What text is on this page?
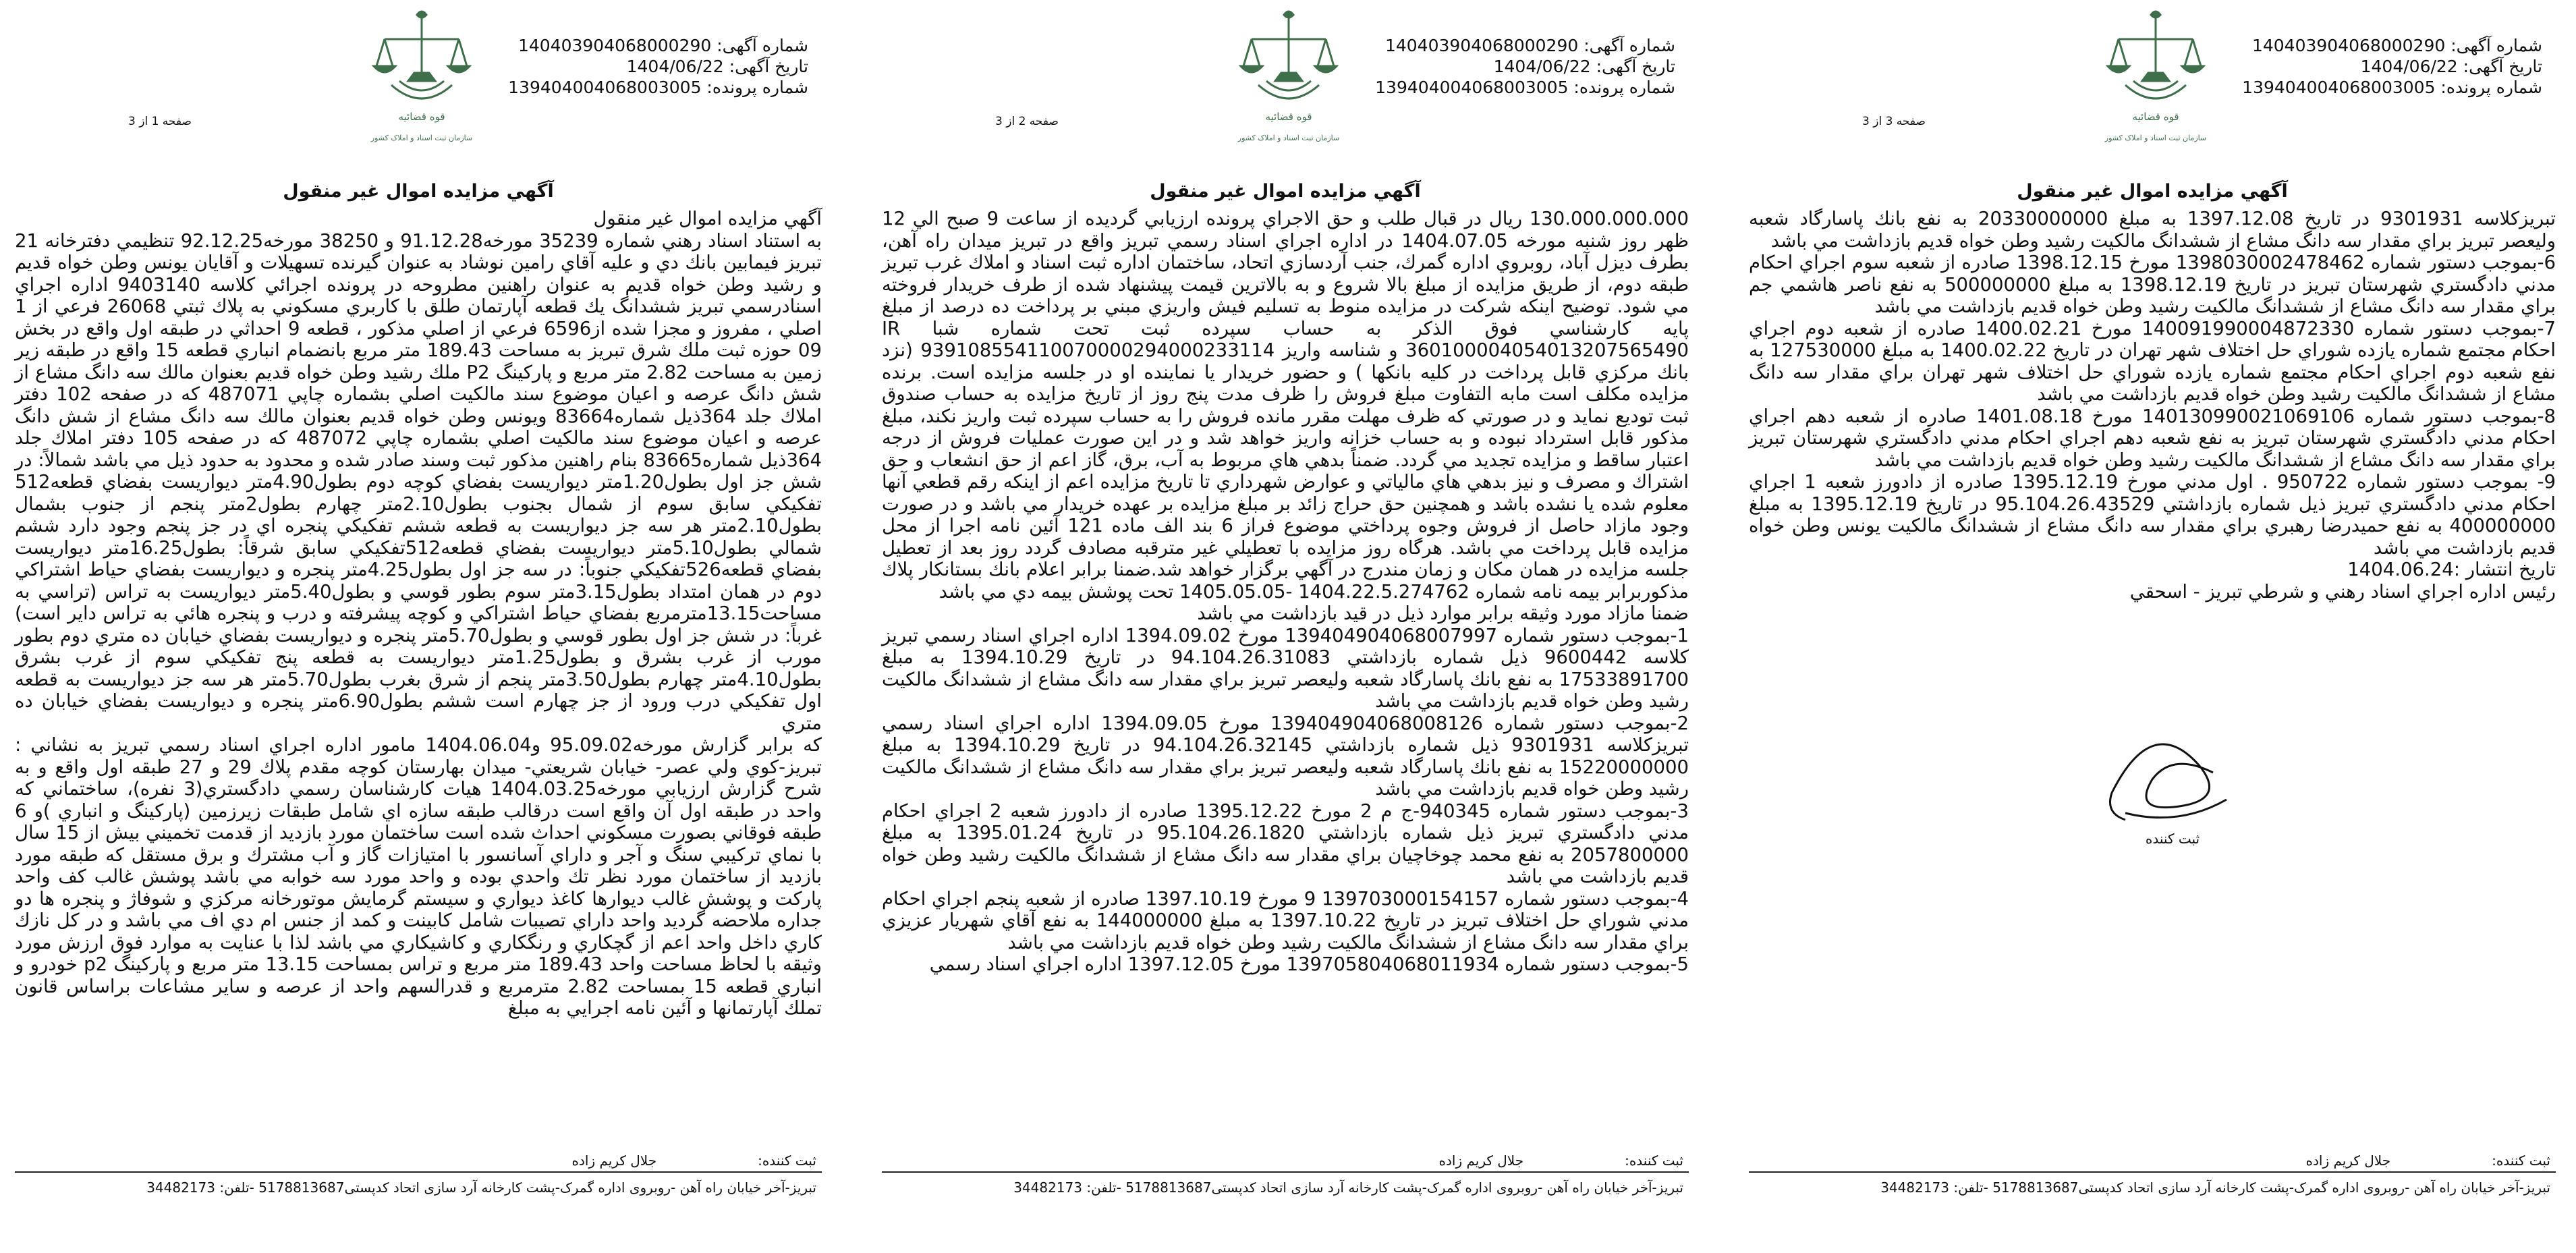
قوه قضائیه
سازمان ثبت اسناد و املاک کشور
شماره آگهی: 140403904068000290
تاریخ آگهی: 1404/06/22
شماره پرونده: 139404004068003005
صفحه 1 از 3
آگهي مزايده اموال غير منقول

آگهي مزايده اموال غير منقول

به استناد اسناد رهني شماره 35239 مورخه91.12.28 و 38250 مورخه92.12.25 تنظيمي دفترخانه 21 تبريز فيمابين بانك دي و عليه آقاي رامين نوشاد به عنوان گيرنده تسهيلات و آقايان يونس وطن خواه قديم و رشيد وطن خواه قديم به عنوان راهنين مطروحه در پرونده اجرائي كلاسه 9403140 اداره اجراي اسنادرسمي تبريز ششدانگ يك قطعه آپارتمان طلق با كاربري مسكوني به پلاك ثبتي 26068 فرعي از 1 اصلي ، مفروز و مجزا شده از6596 فرعي از اصلي مذكور ، قطعه 9 احداثي در طبقه اول واقع در بخش 09 حوزه ثبت ملك شرق تبريز به مساحت 189.43 متر مربع بانضمام انباري قطعه 15 واقع در طبقه زير زمين به مساحت 2.82 متر مربع و پاركينگ P2 ملك رشيد وطن خواه قديم بعنوان مالك سه دانگ مشاع از شش دانگ عرصه و اعيان موضوع سند مالكيت اصلي بشماره چاپي 487071 كه در صفحه 102 دفتر املاك جلد 364ذيل شماره83664 ويونس وطن خواه قديم بعنوان مالك سه دانگ مشاع از شش دانگ عرصه و اعيان موضوع سند مالكيت اصلي بشماره چاپي 487072 كه در صفحه 105 دفتر املاك جلد 364ذيل شماره83665 بنام راهنين مذكور ثبت وسند صادر شده و محدود به حدود ذيل مي باشد شمالاً: در شش جز اول بطول1.20متر ديواريست بفضاي كوچه دوم بطول4.90متر ديواريست بفضاي قطعه512 تفكيكي سابق سوم از شمال بجنوب بطول2.10متر چهارم بطول2متر پنجم از جنوب بشمال بطول2.10متر هر سه جز ديواريست به قطعه ششم تفكيكي پنجره اي در جز پنجم وجود دارد ششم شمالي بطول5.10متر ديواريست بفضاي قطعه512تفكيكي سابق شرقاً: بطول16.25متر ديواريست بفضاي قطعه526تفكيكي جنوباً: در سه جز اول بطول4.25متر پنجره و ديواريست بفضاي حياط اشتراكي دوم در همان امتداد بطول3.15متر سوم بطور قوسي و بطول5.40متر ديواريست به تراس (تراسي به مساحت13.15مترمربع بفضاي حياط اشتراكي و كوچه پيشرفته و درب و پنجره هائي به تراس داير است) غرباً: در شش جز اول بطور قوسي و بطول5.70متر پنجره و ديواريست بفضاي خيابان ده متري دوم بطور مورب از غرب بشرق و بطول1.25متر ديواريست به قطعه پنج تفكيكي سوم از غرب بشرق بطول4.10متر چهارم بطول3.50متر پنجم از شرق بغرب بطول5.70متر هر سه جز ديواريست به قطعه اول تفكيكي درب ورود از جز چهارم است ششم بطول6.90متر پنجره و ديواريست بفضاي خيابان ده متري

كه برابر گزارش مورخه95.09.02 و1404.06.04 مامور اداره اجراي اسناد رسمي تبريز به نشاني : تبريز-كوي ولي عصر- خيابان شريعتي- ميدان بهارستان كوچه مقدم پلاك 29 و 27 طبقه اول واقع و به شرح گزارش ارزيابي مورخه1404.03.25 هيات كارشناسان رسمي دادگستري(3 نفره)، ساختماني كه واحد در طبقه اول آن واقع است درقالب طبقه سازه اي شامل طبقات زيرزمين (پاركينگ و انباري )و 6 طبقه فوقاني بصورت مسكوني احداث شده است ساختمان مورد بازديد از قدمت تخميني بيش از 15 سال با نماي تركيبي سنگ و آجر و داراي آسانسور با امتيازات گاز و آب مشترك و برق مستقل كه طبقه مورد بازديد از ساختمان مورد نظر تك واحدي بوده و واحد مورد سه خوابه مي باشد پوشش غالب كف واحد پاركت و پوشش غالب ديوارها كاغذ ديواري و سيستم گرمايش موتورخانه مركزي و شوفاژ و پنجره ها دو جداره ملاحضه گرديد واحد داراي تصيبات شامل كابينت و كمد از جنس ام دي اف مي باشد و در كل نازك كاري داخل واحد اعم از گچكاري و رنگكاري و كاشيكاري مي باشد لذا با عنايت به موارد فوق ارزش مورد وثيقه با لحاظ مساحت واحد 189.43 متر مربع و تراس بمساحت 13.15 متر مربع و پاركينگ p2 خودرو و انباري قطعه 15 بمساحت 2.82 مترمربع و قدرالسهم واحد از عرصه و ساير مشاعات براساس قانون تملك آپارتمانها و آئين نامه اجرايي به مبلغ

ثبت کننده:جلال کریم زاده
تبریز-آخر خیابان راه آهن -روبروی اداره گمرک-پشت کارخانه آرد سازی اتحاد کدپستی5178813687 -تلفن: 34482173
قوه قضائیه
سازمان ثبت اسناد و املاک کشور
شماره آگهی: 140403904068000290
تاریخ آگهی: 1404/06/22
شماره پرونده: 139404004068003005
صفحه 2 از 3
آگهي مزايده اموال غير منقول

130.000.000.000 ريال در قبال طلب و حق الاجراي پرونده ارزيابي گرديده از ساعت 9 صبح الي 12 ظهر روز شنبه مورخه 1404.07.05 در اداره اجراي اسناد رسمي تبريز واقع در تبريز ميدان راه آهن، بطرف ديزل آباد، روبروي اداره گمرك، جنب آردسازي اتحاد، ساختمان اداره ثبت اسناد و املاك غرب تبريز طبقه دوم، از طريق مزايده از مبلغ بالا شروع و به بالاترين قيمت پيشنهاد شده از طرف خريدار فروخته مي شود. توضيح اينكه شركت در مزايده منوط به تسليم فيش واريزي مبني بر پرداخت ده درصد از مبلغ پايه كارشناسي فوق الذكر به حساب سپرده ثبت تحت شماره شبا IR 360100004054013207565490 و شناسه واريز 939108554110070000294000233114 (نزد بانك مركزي قابل پرداخت در كليه بانكها ) و حضور خريدار يا نماينده او در جلسه مزايده است. برنده مزايده مكلف است مابه التفاوت مبلغ فروش را ظرف مدت پنج روز از تاريخ مزايده به حساب صندوق ثبت توديع نمايد و در صورتي كه ظرف مهلت مقرر مانده فروش را به حساب سپرده ثبت واريز نكند، مبلغ مذكور قابل استرداد نبوده و به حساب خزانه واريز خواهد شد و در اين صورت عمليات فروش از درجه اعتبار ساقط و مزايده تجديد مي گردد. ضمناً بدهي هاي مربوط به آب، برق، گاز اعم از حق انشعاب و حق اشتراك و مصرف و نيز بدهي هاي مالياتي و عوارض شهرداري تا تاريخ مزايده اعم از اينكه رقم قطعي آنها معلوم شده يا نشده باشد و همچنين حق حراج زائد بر مبلغ مزايده بر عهده خريدار مي باشد و در صورت وجود مازاد حاصل از فروش وجوه پرداختي موضوع فراز 6 بند الف ماده 121 آئين نامه اجرا از محل مزايده قابل پرداخت مي باشد. هرگاه روز مزايده با تعطيلي غير مترقبه مصادف گردد روز بعد از تعطيل جلسه مزايده در همان مكان و زمان مندرج در آگهي برگزار خواهد شد.ضمنا برابر اعلام بانك بستانكار پلاك مذكوربرابر بيمه نامه شماره 1404.22.5.274762 -1405.05.05 تحت پوشش بيمه دي مي باشد

ضمنا مازاد مورد وثيقه برابر موارد ذيل در قيد بازداشت مي باشد

1-بموجب دستور شماره 139404904068007997 مورخ 1394.09.02 اداره اجراي اسناد رسمي تبريز كلاسه 9600442 ذيل شماره بازداشتي 94.104.26.31083 در تاريخ 1394.10.29 به مبلغ 17533891700 به نفع بانك پاسارگاد شعبه وليعصر تبريز براي مقدار سه دانگ مشاع از ششدانگ مالكيت رشيد وطن خواه قديم بازداشت مي باشد

2-بموجب دستور شماره 139404904068008126 مورخ 1394.09.05 اداره اجراي اسناد رسمي تبريزكلاسه 9301931 ذيل شماره بازداشتي 94.104.26.32145 در تاريخ 1394.10.29 به مبلغ 15220000000 به نفع بانك پاسارگاد شعبه وليعصر تبريز براي مقدار سه دانگ مشاع از ششدانگ مالكيت رشيد وطن خواه قديم بازداشت مي باشد

3-بموجب دستور شماره 940345-ج م 2 مورخ 1395.12.22 صادره از دادورز شعبه 2 اجراي احكام مدني دادگستري تبريز ذيل شماره بازداشتي 95.104.26.1820 در تاريخ 1395.01.24 به مبلغ 2057800000 به نفع محمد چوخاچيان براي مقدار سه دانگ مشاع از ششدانگ مالكيت رشيد وطن خواه قديم بازداشت مي باشد

4-بموجب دستور شماره 139703000154157 9 مورخ 1397.10.19 صادره از شعبه پنجم اجراي احكام مدني شوراي حل اختلاف تبريز در تاريخ 1397.10.22 به مبلغ 144000000 به نفع آقاي شهريار عزيزي براي مقدار سه دانگ مشاع از ششدانگ مالكيت رشيد وطن خواه قديم بازداشت مي باشد

5-بموجب دستور شماره 139705804068011934 مورخ 1397.12.05 اداره اجراي اسناد رسمي

ثبت کننده:جلال کریم زاده
تبریز-آخر خیابان راه آهن -روبروی اداره گمرک-پشت کارخانه آرد سازی اتحاد کدپستی5178813687 -تلفن: 34482173
قوه قضائیه
سازمان ثبت اسناد و املاک کشور
شماره آگهی: 140403904068000290
تاریخ آگهی: 1404/06/22
شماره پرونده: 139404004068003005
صفحه 3 از 3
آگهي مزايده اموال غير منقول

تبريزكلاسه 9301931 در تاريخ 1397.12.08 به مبلغ 20330000000 به نفع بانك پاسارگاد شعبه وليعصر تبريز براي مقدار سه دانگ مشاع از ششدانگ مالكيت رشيد وطن خواه قديم بازداشت مي باشد

6-بموجب دستور شماره 1398030002478462 مورخ 1398.12.15 صادره از شعبه سوم اجراي احكام مدني دادگستري شهرستان تبريز در تاريخ 1398.12.19 به مبلغ 500000000 به نفع ناصر هاشمي جم براي مقدار سه دانگ مشاع از ششدانگ مالكيت رشيد وطن خواه قديم بازداشت مي باشد

7-بموجب دستور شماره 140091990004872330 مورخ 1400.02.21 صادره از شعبه دوم اجراي احكام مجتمع شماره يازده شوراي حل اختلاف شهر تهران در تاريخ 1400.02.22 به مبلغ 127530000 به نفع شعبه دوم اجراي احكام مجتمع شماره يازده شوراي حل اختلاف شهر تهران براي مقدار سه دانگ مشاع از ششدانگ مالكيت رشيد وطن خواه قديم بازداشت مي باشد

8-بموجب دستور شماره 140130990021069106 مورخ 1401.08.18 صادره از شعبه دهم اجراي احكام مدني دادگستري شهرستان تبريز به نفع شعبه دهم اجراي احكام مدني دادگستري شهرستان تبريز براي مقدار سه دانگ مشاع از ششدانگ مالكيت رشيد وطن خواه قديم بازداشت مي باشد

9- بموجب دستور شماره 950722 . اول مدني مورخ 1395.12.19 صادره از دادورز شعبه 1 اجراي احكام مدني دادگستري تبريز ذيل شماره بازداشتي 95.104.26.43529 در تاريخ 1395.12.19 به مبلغ 400000000 به نفع حميدرضا رهبري براي مقدار سه دانگ مشاع از ششدانگ مالكيت يونس وطن خواه قديم بازداشت مي باشد

تاريخ انتشار :1404.06.24

رئيس اداره اجراي اسناد رهني و شرطي تبريز - اسحقي

ثبت کننده:جلال کریم زاده
تبریز-آخر خیابان راه آهن -روبروی اداره گمرک-پشت کارخانه آرد سازی اتحاد کدپستی5178813687 -تلفن: 34482173
ثبت کننده
